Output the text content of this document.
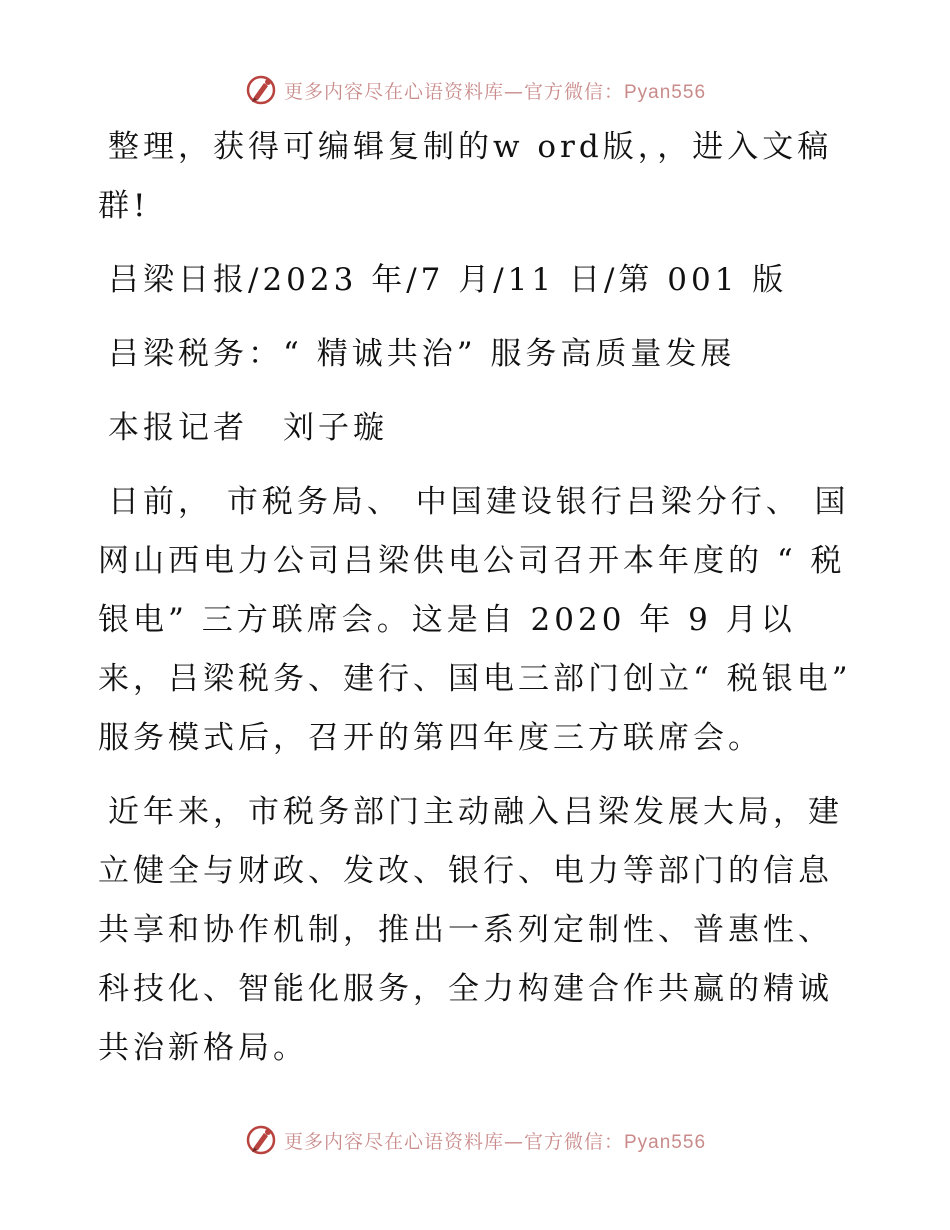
更多内容尽在心语资料库—官方微信：Pyan556

整理，获得可编辑复制的w ord版，，进入文稿群!

吕梁日报/2023 年/7 月/11 日/第 001 版

吕梁税务：“ 精诚共治” 服务高质量发展

本报记者　刘子璇

日前， 市税务局、 中国建设银行吕梁分行、 国网山西电力公司吕梁供电公司召开本年度的 “ 税银电” 三方联席会。这是自 2020 年 9 月以来，吕梁税务、建行、国电三部门创立“ 税银电” 服务模式后，召开的第四年度三方联席会。

近年来，市税务部门主动融入吕梁发展大局，建立健全与财政、发改、银行、电力等部门的信息共享和协作机制，推出一系列定制性、普惠性、科技化、智能化服务，全力构建合作共赢的精诚共治新格局。

更多内容尽在心语资料库—官方微信：Pyan556
